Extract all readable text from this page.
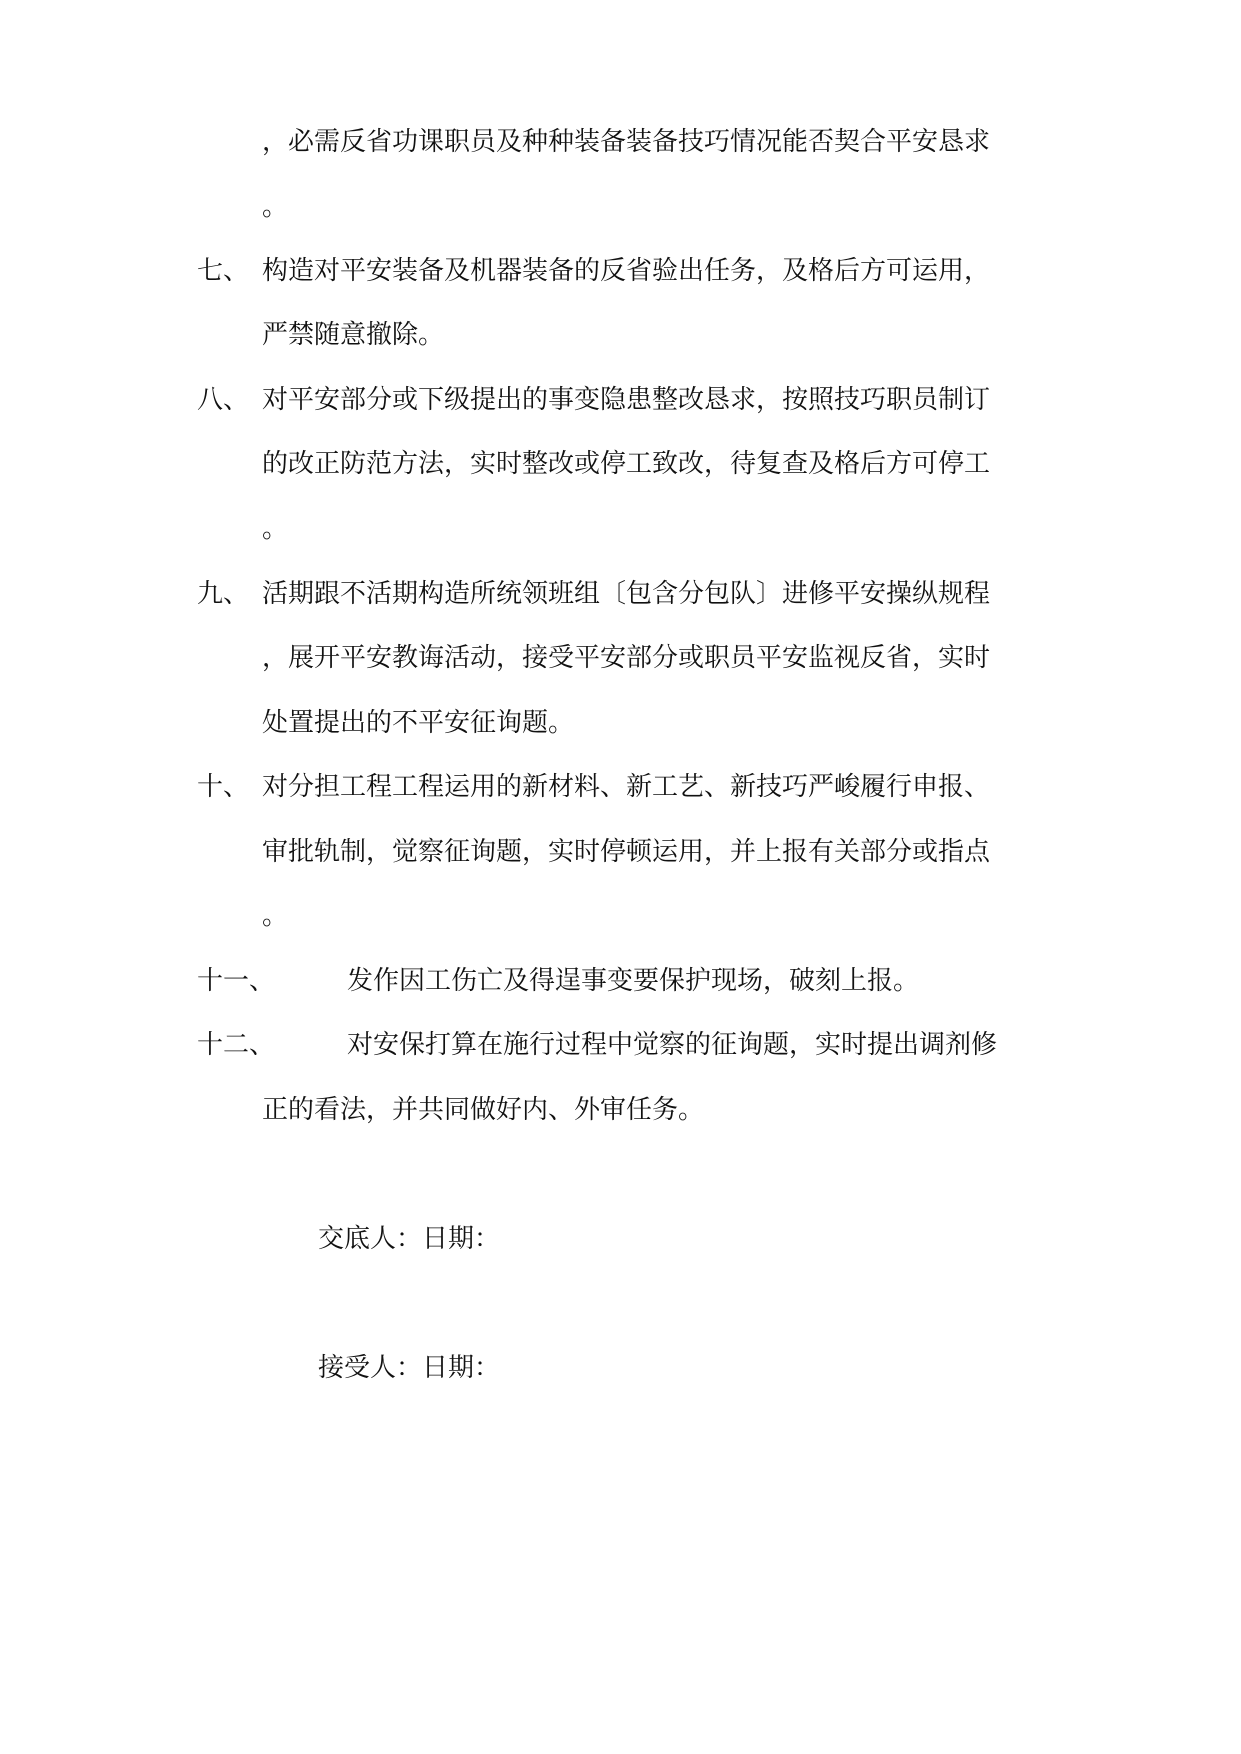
，必需反省功课职员及种种装备装备技巧情况能否契合平安恳求
。
七、 构造对平安装备及机器装备的反省验出任务，及格后方可运用，
严禁随意撤除。
八、 对平安部分或下级提出的事变隐患整改恳求，按照技巧职员制订
的改正防范方法，实时整改或停工致改，待复查及格后方可停工
。
九、 活期跟不活期构造所统领班组〔包含分包队〕进修平安操纵规程
，展开平安教诲活动，接受平安部分或职员平安监视反省，实时
处置提出的不平安征询题。
十、 对分担工程工程运用的新材料、新工艺、新技巧严峻履行申报、
审批轨制，觉察征询题，实时停顿运用，并上报有关部分或指点
。
十一、	发作因工伤亡及得逞事变要保护现场，破刻上报。
十二、	对安保打算在施行过程中觉察的征询题，实时提出调剂修
正的看法，并共同做好内、外审任务。
交底人：日期：
接受人：日期：
